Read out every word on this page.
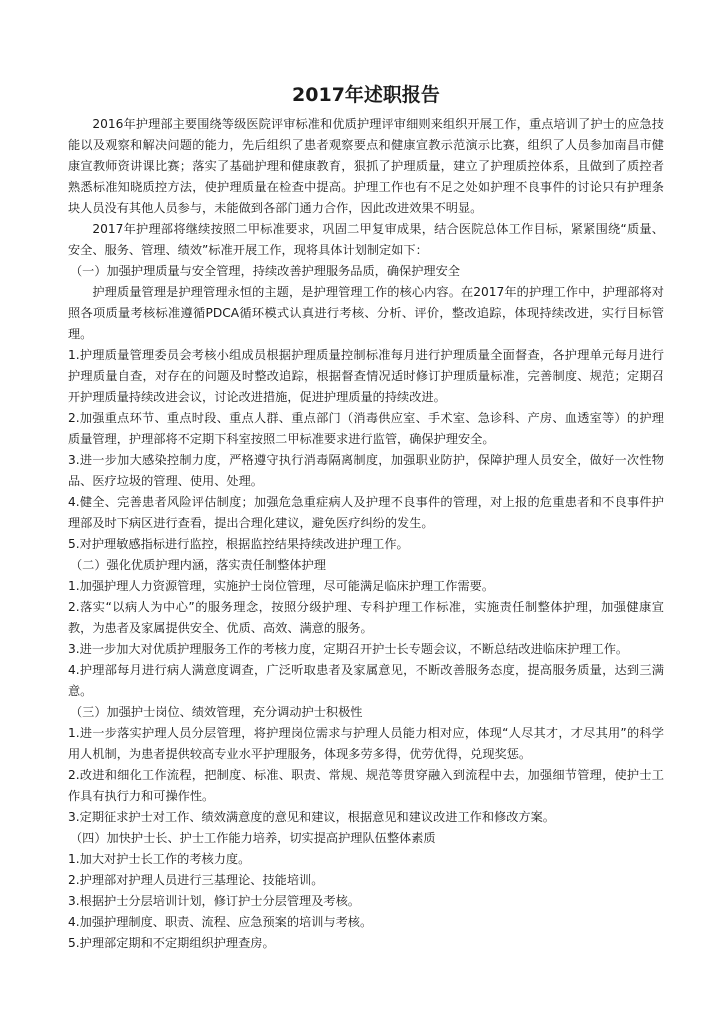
2017年述职报告

2016年护理部主要围绕等级医院评审标准和优质护理评审细则来组织开展工作，重点培训了护士的应急技能以及观察和解决问题的能力，先后组织了患者观察要点和健康宣教示范演示比赛，组织了人员参加南昌市健康宣教师资讲课比赛；落实了基础护理和健康教育，狠抓了护理质量，建立了护理质控体系，且做到了质控者熟悉标准知晓质控方法，使护理质量在检查中提高。护理工作也有不足之处如护理不良事件的讨论只有护理条块人员没有其他人员参与，未能做到各部门通力合作，因此改进效果不明显。

2017年护理部将继续按照二甲标准要求，巩固二甲复审成果，结合医院总体工作目标，紧紧围绕“质量、安全、服务、管理、绩效”标准开展工作，现将具体计划制定如下：

（一）加强护理质量与安全管理，持续改善护理服务品质，确保护理安全

护理质量管理是护理管理永恒的主题，是护理管理工作的核心内容。在2017年的护理工作中，护理部将对照各项质量考核标准遵循PDCA循环模式认真进行考核、分析、评价，整改追踪，体现持续改进，实行目标管理。

1.护理质量管理委员会考核小组成员根据护理质量控制标准每月进行护理质量全面督查，各护理单元每月进行护理质量自查，对存在的问题及时整改追踪，根据督查情况适时修订护理质量标准，完善制度、规范；定期召开护理质量持续改进会议，讨论改进措施，促进护理质量的持续改进。

2.加强重点环节、重点时段、重点人群、重点部门（消毒供应室、手术室、急诊科、产房、血透室等）的护理质量管理，护理部将不定期下科室按照二甲标准要求进行监管，确保护理安全。

3.进一步加大感染控制力度，严格遵守执行消毒隔离制度，加强职业防护，保障护理人员安全，做好一次性物品、医疗垃圾的管理、使用、处理。

4.健全、完善患者风险评估制度；加强危急重症病人及护理不良事件的管理，对上报的危重患者和不良事件护理部及时下病区进行查看，提出合理化建议，避免医疗纠纷的发生。

5.对护理敏感指标进行监控，根据监控结果持续改进护理工作。

（二）强化优质护理内涵，落实责任制整体护理

1.加强护理人力资源管理，实施护士岗位管理，尽可能满足临床护理工作需要。

2.落实“以病人为中心”的服务理念，按照分级护理、专科护理工作标准，实施责任制整体护理，加强健康宣教，为患者及家属提供安全、优质、高效、满意的服务。

3.进一步加大对优质护理服务工作的考核力度，定期召开护士长专题会议，不断总结改进临床护理工作。

4.护理部每月进行病人满意度调查，广泛听取患者及家属意见，不断改善服务态度，提高服务质量，达到三满意。

（三）加强护士岗位、绩效管理，充分调动护士积极性

1.进一步落实护理人员分层管理，将护理岗位需求与护理人员能力相对应，体现“人尽其才，才尽其用”的科学用人机制，为患者提供较高专业水平护理服务，体现多劳多得，优劳优得，兑现奖惩。

2.改进和细化工作流程，把制度、标准、职责、常规、规范等贯穿融入到流程中去，加强细节管理，使护士工作具有执行力和可操作性。

3.定期征求护士对工作、绩效满意度的意见和建议，根据意见和建议改进工作和修改方案。

（四）加快护士长、护士工作能力培养，切实提高护理队伍整体素质

1.加大对护士长工作的考核力度。

2.护理部对护理人员进行三基理论、技能培训。

3.根据护士分层培训计划，修订护士分层管理及考核。

4.加强护理制度、职责、流程、应急预案的培训与考核。

5.护理部定期和不定期组织护理查房。
